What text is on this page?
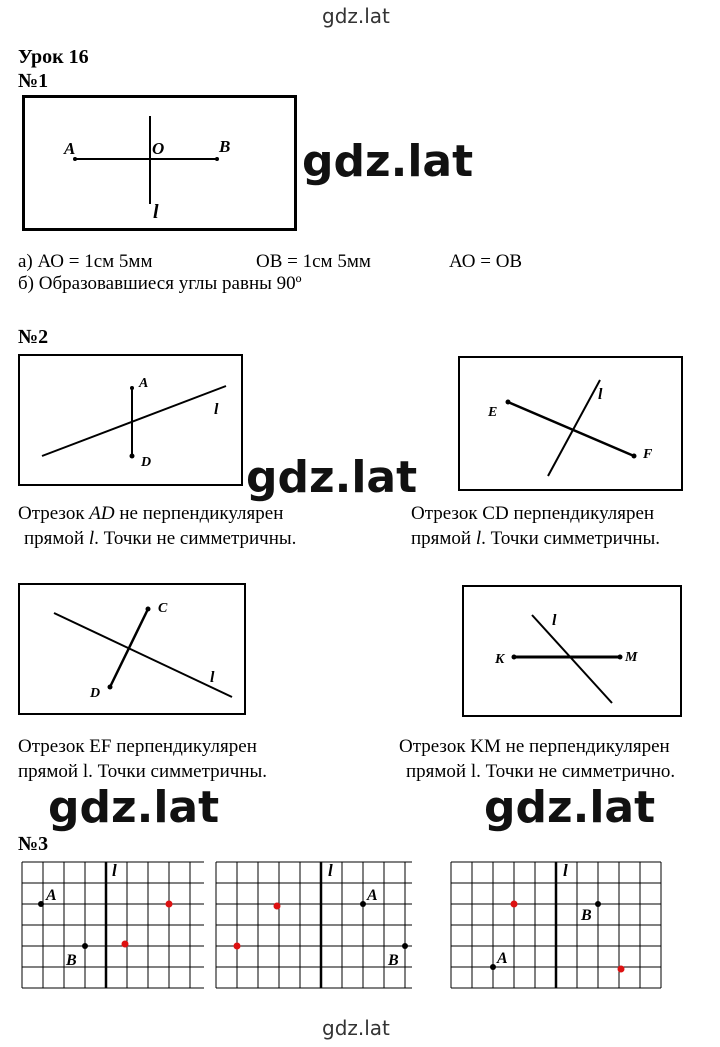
gdz.lat
Урок 16
№1
A	O	B
l
gdz.lat
а) АО = 1см 5мм	ОВ = 1см 5мм	АО = ОВ
б) Образовавшиеся углы равны 90º
№2
A
D
l	E
F
l
gdz.lat
Отрезок AD не перпендикулярен
прямой l. Точки не симметричны.
Отрезок CD перпендикулярен
прямой l. Точки симметричны.
C
D
l
K	M
l
Отрезок EF перпендикулярен
прямой l. Точки симметричны.
Отрезок KM не перпендикулярен
прямой l. Точки не симметрично.
gdz.lat	gdz.lat
№3
l
A
B
l
A
B
l
B
A
gdz.lat
